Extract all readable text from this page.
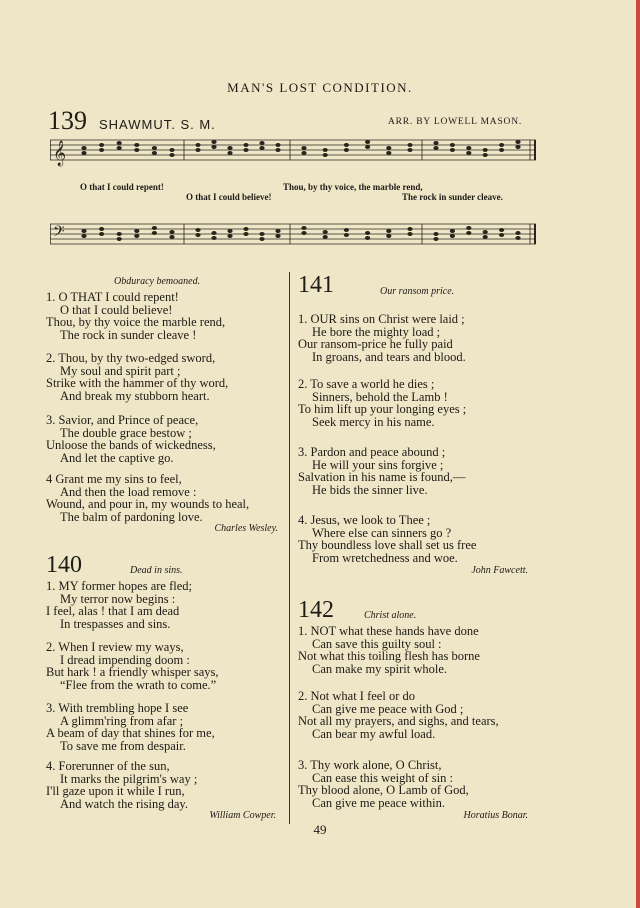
MAN'S LOST CONDITION.
139 SHAWMUT. S. M.	ARR. BY LOWELL MASON.
𝄞
𝄢
O that I could repent!
O that I could believe!
Thou, by thy voice, the marble rend,
The rock in sunder cleave.
Obduracy bemoaned.
1. O THAT I could repent!
O that I could believe!
Thou, by thy voice the marble rend,
The rock in sunder cleave !
2. Thou, by thy two-edged sword,
My soul and spirit part ;
Strike with the hammer of thy word,
And break my stubborn heart.
3. Savior, and Prince of peace,
The double grace bestow ;
Unloose the bands of wickedness,
And let the captive go.
4 Grant me my sins to feel,
And then the load remove :
Wound, and pour in, my wounds to heal,
The balm of pardoning love.
Charles Wesley.
140	Dead in sins.
1. MY former hopes are fled;
My terror now begins :
I feel, alas ! that I am dead
In trespasses and sins.
2. When I review my ways,
I dread impending doom :
But hark ! a friendly whisper says,
“Flee from the wrath to come.”
3. With trembling hope I see
A glimm'ring from afar ;
A beam of day that shines for me,
To save me from despair.
4. Forerunner of the sun,
It marks the pilgrim's way ;
I'll gaze upon it while I run,
And watch the rising day.
William Cowper.
141	Our ransom price.
1. OUR sins on Christ were laid ;
He bore the mighty load ;
Our ransom-price he fully paid
In groans, and tears and blood.
2. To save a world he dies ;
Sinners, behold the Lamb !
To him lift up your longing eyes ;
Seek mercy in his name.
3. Pardon and peace abound ;
He will your sins forgive ;
Salvation in his name is found,—
He bids the sinner live.
4. Jesus, we look to Thee ;
Where else can sinners go ?
Thy boundless love shall set us free
From wretchedness and woe.
John Fawcett.
142	Christ alone.
1. NOT what these hands have done
Can save this guilty soul :
Not what this toiling flesh has borne
Can make my spirit whole.
2. Not what I feel or do
Can give me peace with God ;
Not all my prayers, and sighs, and tears,
Can bear my awful load.
3. Thy work alone, O Christ,
Can ease this weight of sin :
Thy blood alone, O Lamb of God,
Can give me peace within.
Horatius Bonar.
49
